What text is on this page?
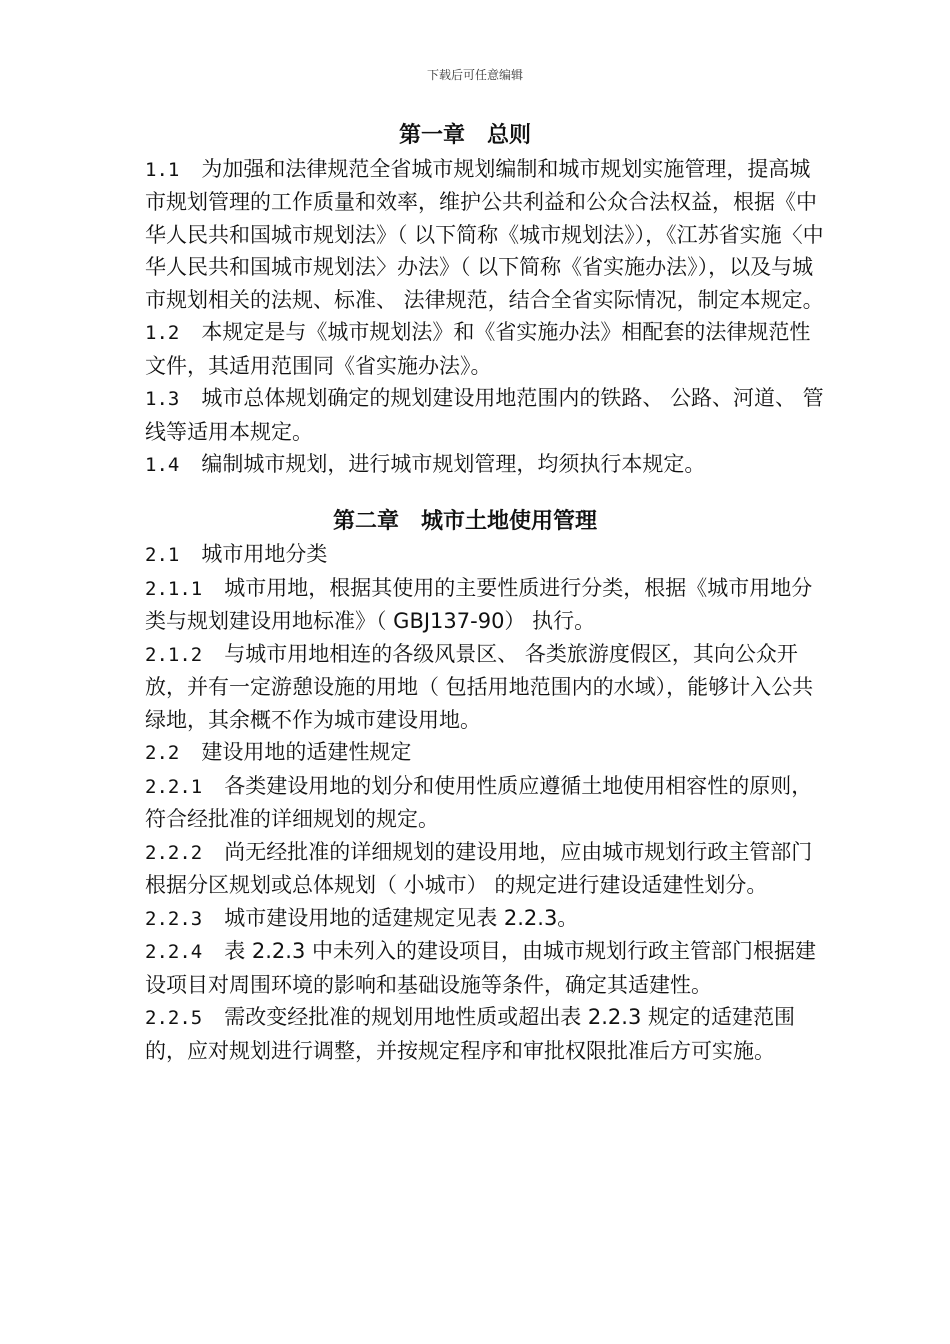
下载后可任意编辑
第一章　总则

1.1 为加强和法律规范全省城市规划编制和城市规划实施管理，提高城市规划管理的工作质量和效率，维护公共利益和公众合法权益，根据《中华人民共和国城市规划法》（ 以下简称《城市规划法》），《江苏省实施〈中华人民共和国城市规划法〉办法》（ 以下简称《省实施办法》），以及与城市规划相关的法规、标准、 法律规范，结合全省实际情况，制定本规定。

1.2 本规定是与《城市规划法》和《省实施办法》相配套的法律规范性文件，其适用范围同《省实施办法》。

1.3 城市总体规划确定的规划建设用地范围内的铁路、 公路、河道、 管线等适用本规定。

1.4 编制城市规划，进行城市规划管理，均须执行本规定。

第二章　城市土地使用管理

2.1 城市用地分类

2.1.1 城市用地，根据其使用的主要性质进行分类，根据《城市用地分类与规划建设用地标准》（ GBJ137-90） 执行。

2.1.2 与城市用地相连的各级风景区、 各类旅游度假区，其向公众开放，并有一定游憩设施的用地（ 包括用地范围内的水域），能够计入公共绿地，其余概不作为城市建设用地。

2.2 建设用地的适建性规定

2.2.1 各类建设用地的划分和使用性质应遵循土地使用相容性的原则，符合经批准的详细规划的规定。

2.2.2 尚无经批准的详细规划的建设用地，应由城市规划行政主管部门根据分区规划或总体规划（ 小城市） 的规定进行建设适建性划分。

2.2.3 城市建设用地的适建规定见表 2.2.3。

2.2.4 表 2.2.3 中未列入的建设项目，由城市规划行政主管部门根据建设项目对周围环境的影响和基础设施等条件，确定其适建性。

2.2.5 需改变经批准的规划用地性质或超出表 2.2.3 规定的适建范围的，应对规划进行调整，并按规定程序和审批权限批准后方可实施。
